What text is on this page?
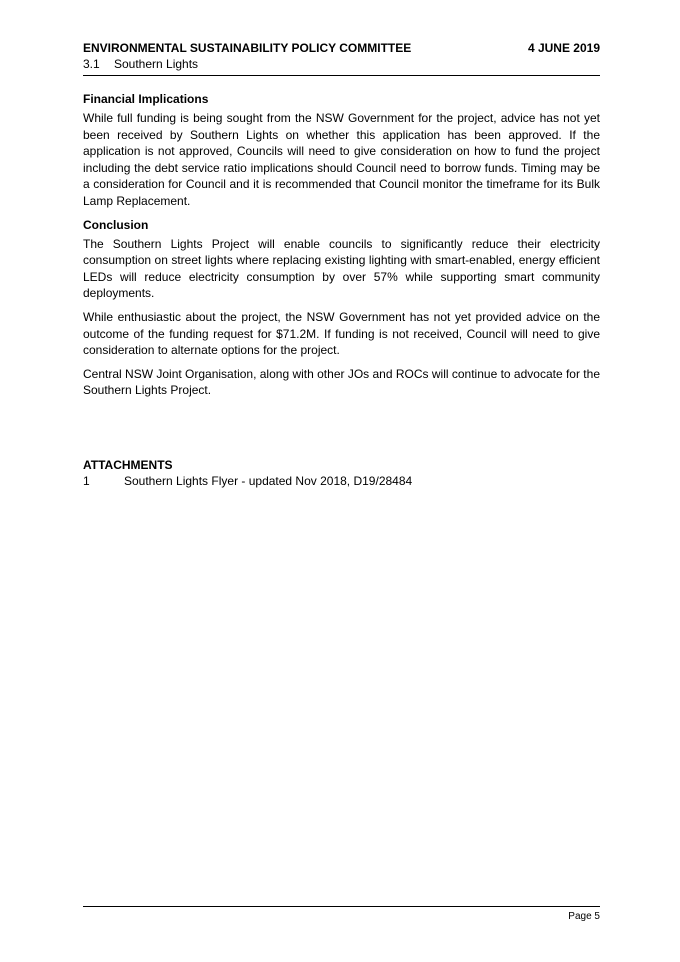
ENVIRONMENTAL SUSTAINABILITY POLICY COMMITTEE	4 JUNE 2019
3.1	Southern Lights
Financial Implications

While full funding is being sought from the NSW Government for the project, advice has not yet been received by Southern Lights on whether this application has been approved. If the application is not approved, Councils will need to give consideration on how to fund the project including the debt service ratio implications should Council need to borrow funds. Timing may be a consideration for Council and it is recommended that Council monitor the timeframe for its Bulk Lamp Replacement.

Conclusion

The Southern Lights Project will enable councils to significantly reduce their electricity consumption on street lights where replacing existing lighting with smart-enabled, energy efficient LEDs will reduce electricity consumption by over 57% while supporting smart community deployments.

While enthusiastic about the project, the NSW Government has not yet provided advice on the outcome of the funding request for $71.2M. If funding is not received, Council will need to give consideration to alternate options for the project.

Central NSW Joint Organisation, along with other JOs and ROCs will continue to advocate for the Southern Lights Project.

ATTACHMENTS
1	Southern Lights Flyer - updated Nov 2018, D19/28484
Page 5
